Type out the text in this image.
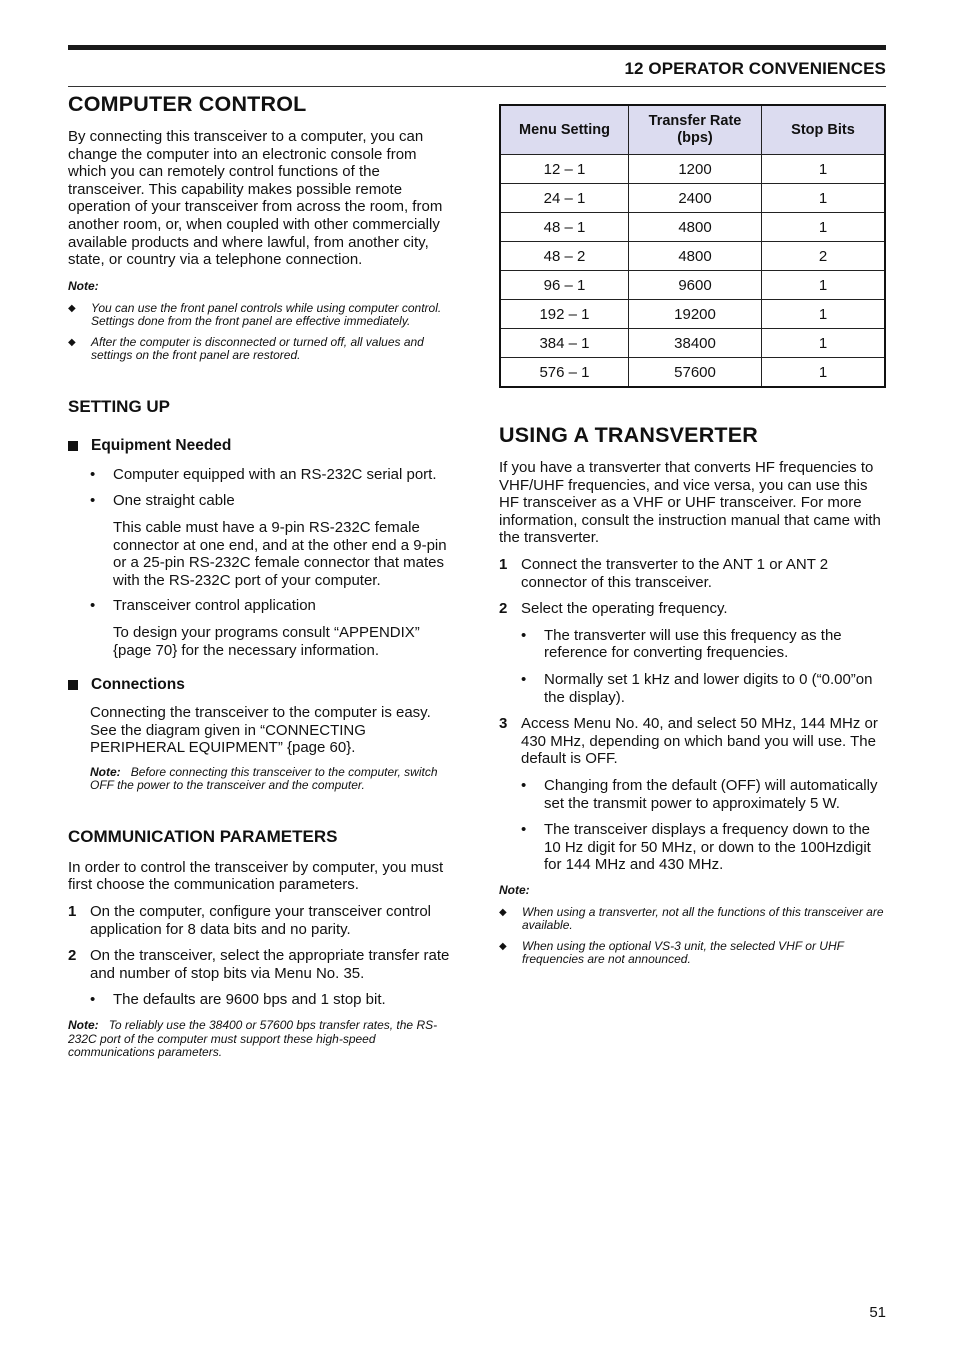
12 OPERATOR CONVENIENCES
COMPUTER CONTROL

By connecting this transceiver to a computer, you can change the computer into an electronic console from which you can remotely control functions of the transceiver. This capability makes possible remote operation of your transceiver from across the room, from another room, or, when coupled with other commercially available products and where lawful, from another city, state, or country via a telephone connection.

Note:
◆	You can use the front panel controls while using computer control. Settings done from the front panel are effective immediately.
◆	After the computer is disconnected or turned off, all values and settings on the front panel are restored.
SETTING UP
Equipment Needed
•	Computer equipped with an RS-232C serial port.
•	One straight cable
This cable must have a 9-pin RS-232C female connector at one end, and at the other end a 9-pin or a 25-pin RS-232C female connector that mates with the RS-232C port of your computer.
•	Transceiver control application
To design your programs consult “APPENDIX” {page 70} for the necessary information.
Connections

Connecting the transceiver to the computer is easy. See the diagram given in “CONNECTING PERIPHERAL EQUIPMENT” {page 60}.

Note: Before connecting this transceiver to the computer, switch OFF the power to the transceiver and the computer.
COMMUNICATION PARAMETERS

In order to control the transceiver by computer, you must first choose the communication parameters.

1 On the computer, configure your transceiver control application for 8 data bits and no parity.
2 On the transceiver, select the appropriate transfer rate and number of stop bits via Menu No. 35.
•	The defaults are 9600 bps and 1 stop bit.
Note: To reliably use the 38400 or 57600 bps transfer rates, the RS-232C port of the computer must support these high-speed communications parameters.
Menu Setting	Transfer Rate (bps)	Stop Bits
12 – 1	1200	1
24 – 1	2400	1
48 – 1	4800	1
48 – 2	4800	2
96 – 1	9600	1
192 – 1	19200	1
384 – 1	38400	1
576 – 1	57600	1
USING A TRANSVERTER

If you have a transverter that converts HF frequencies to VHF/UHF frequencies, and vice versa, you can use this HF transceiver as a VHF or UHF transceiver. For more information, consult the instruction manual that came with the transverter.

1 Connect the transverter to the ANT 1 or ANT 2 connector of this transceiver.
2 Select the operating frequency.
•	The transverter will use this frequency as the reference for converting frequencies.
•	Normally set 1 kHz and lower digits to 0 (“0.00”on the display).
3 Access Menu No. 40, and select 50 MHz, 144 MHz or 430 MHz, depending on which band you will use. The default is OFF.
•	Changing from the default (OFF) will automatically set the transmit power to approximately 5 W.
•	The transceiver displays a frequency down to the 10 Hz digit for 50 MHz, or down to the 100Hzdigit for 144 MHz and 430 MHz.
Note:
◆	When using a transverter, not all the functions of this transceiver are available.
◆	When using the optional VS-3 unit, the selected VHF or UHF frequencies are not announced.
51
